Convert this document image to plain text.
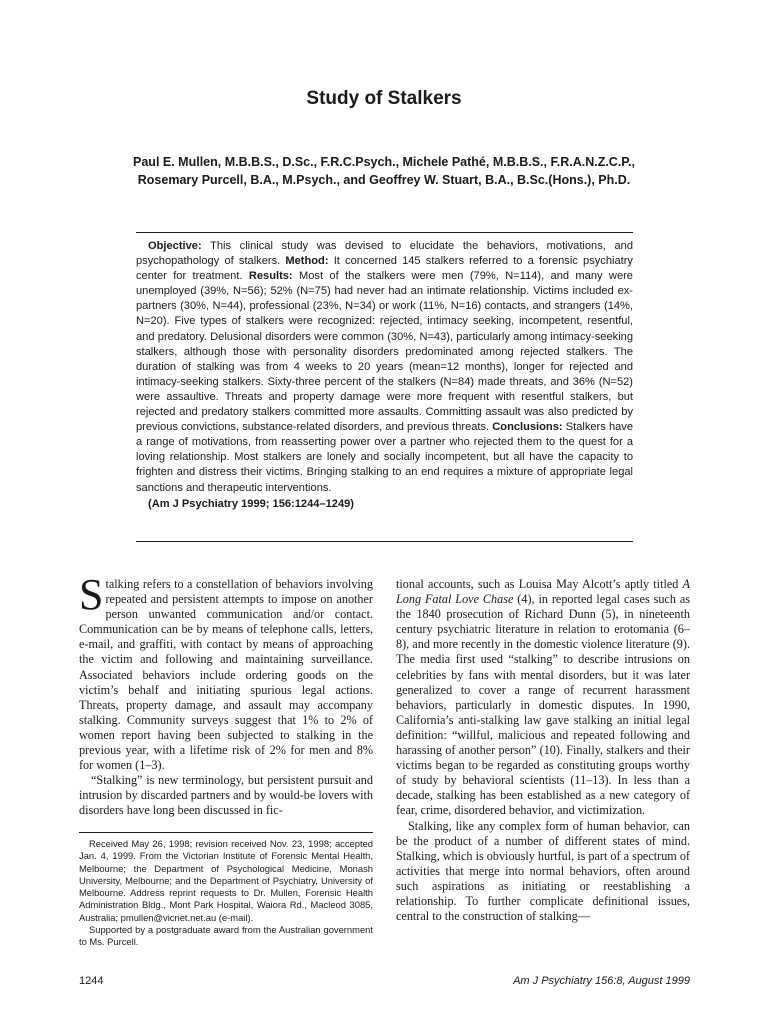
Study of Stalkers
Paul E. Mullen, M.B.B.S., D.Sc., F.R.C.Psych., Michele Pathé, M.B.B.S., F.R.A.N.Z.C.P.,
Rosemary Purcell, B.A., M.Psych., and Geoffrey W. Stuart, B.A., B.Sc.(Hons.), Ph.D.

Objective: This clinical study was devised to elucidate the behaviors, motivations, and psychopathology of stalkers. Method: It concerned 145 stalkers referred to a forensic psychiatry center for treatment. Results: Most of the stalkers were men (79%, N=114), and many were unemployed (39%, N=56); 52% (N=75) had never had an intimate relationship. Victims included ex-partners (30%, N=44), professional (23%, N=34) or work (11%, N=16) contacts, and strangers (14%, N=20). Five types of stalkers were recognized: rejected, intimacy seeking, incompetent, resentful, and predatory. Delusional disorders were common (30%, N=43), particularly among intimacy-seeking stalkers, although those with personality disorders predominated among rejected stalkers. The duration of stalking was from 4 weeks to 20 years (mean=12 months), longer for rejected and intimacy-seeking stalkers. Sixty-three percent of the stalkers (N=84) made threats, and 36% (N=52) were assaultive. Threats and property damage were more frequent with resentful stalkers, but rejected and predatory stalkers committed more assaults. Committing assault was also predicted by previous convictions, substance-related disorders, and previous threats. Conclusions: Stalkers have a range of motivations, from reasserting power over a partner who rejected them to the quest for a loving relationship. Most stalkers are lonely and socially incompetent, but all have the capacity to frighten and distress their victims. Bringing stalking to an end requires a mixture of appropriate legal sanctions and therapeutic interventions.

(Am J Psychiatry 1999; 156:1244–1249)

Stalking refers to a constellation of behaviors involving repeated and persistent attempts to impose on another person unwanted communication and/or contact. Communication can be by means of telephone calls, letters, e-mail, and graffiti, with contact by means of approaching the victim and following and maintaining surveillance. Associated behaviors include ordering goods on the victim’s behalf and initiating spurious legal actions. Threats, property damage, and assault may accompany stalking. Community surveys suggest that 1% to 2% of women report having been subjected to stalking in the previous year, with a lifetime risk of 2% for men and 8% for women (1–3).

“Stalking” is new terminology, but persistent pursuit and intrusion by discarded partners and by would-be lovers with disorders have long been discussed in fic-

Received May 26, 1998; revision received Nov. 23, 1998; accepted Jan. 4, 1999. From the Victorian Institute of Forensic Mental Health, Melbourne; the Department of Psychological Medicine, Monash University, Melbourne; and the Department of Psychiatry, University of Melbourne. Address reprint requests to Dr. Mullen, Forensic Health Administration Bldg., Mont Park Hospital, Waiora Rd., Macleod 3085, Australia; pmullen@vicnet.net.au (e-mail).

Supported by a postgraduate award from the Australian government to Ms. Purcell.

tional accounts, such as Louisa May Alcott’s aptly titled A Long Fatal Love Chase (4), in reported legal cases such as the 1840 prosecution of Richard Dunn (5), in nineteenth century psychiatric literature in relation to erotomania (6–8), and more recently in the domestic violence literature (9). The media first used “stalking” to describe intrusions on celebrities by fans with mental disorders, but it was later generalized to cover a range of recurrent harassment behaviors, particularly in domestic disputes. In 1990, California’s anti-stalking law gave stalking an initial legal definition: “willful, malicious and repeated following and harassing of another person” (10). Finally, stalkers and their victims began to be regarded as constituting groups worthy of study by behavioral scientists (11–13). In less than a decade, stalking has been established as a new category of fear, crime, disordered behavior, and victimization.

Stalking, like any complex form of human behavior, can be the product of a number of different states of mind. Stalking, which is obviously hurtful, is part of a spectrum of activities that merge into normal behaviors, often around such aspirations as initiating or reestablishing a relationship. To further complicate definitional issues, central to the construction of stalking—

1244	Am J Psychiatry 156:8, August 1999
